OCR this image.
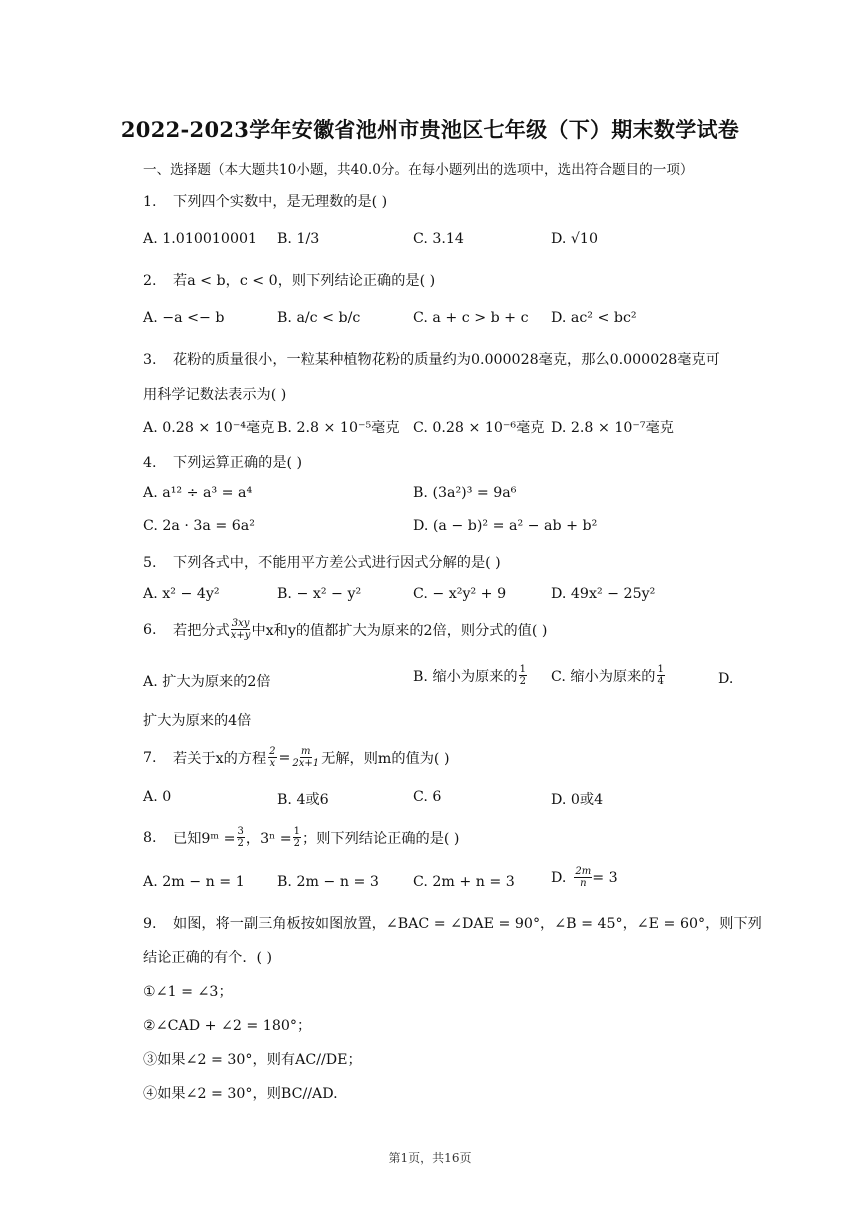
2022-2023学年安徽省池州市贵池区七年级（下）期末数学试卷
一、选择题（本大题共10小题，共40.0分。在每小题列出的选项中，选出符合题目的一项）
1. 下列四个实数中，是无理数的是( )
A. 1.010010001 B. 1/3	C. 3.14	D. √10
2. 若a < b，c < 0，则下列结论正确的是( )
A. −a <− b	B. a/c < b/c	C. a + c > b + c D. ac² < bc²
3. 花粉的质量很小，一粒某种植物花粉的质量约为0.000028毫克，那么0.000028毫克可
用科学记数法表示为( )
A. 0.28 × 10⁻⁴毫克 B. 2.8 × 10⁻⁵毫克 C. 0.28 × 10⁻⁶毫克 D. 2.8 × 10⁻⁷毫克
4. 下列运算正确的是( )
A. a¹² ÷ a³ = a⁴	B. (3a²)³ = 9a⁶
C. 2a · 3a = 6a²	D. (a − b)² = a² − ab + b²
5. 下列各式中，不能用平方差公式进行因式分解的是( )
A. x² − 4y²	B. − x² − y²	C. − x²y² + 9	D. 49x² − 25y²
6.	若把分式 $\frac{3xy}{x+y}$ 中x和y的值都扩大为原来的2倍，则分式的值( )
A. 扩大为原来的2倍	B. 缩小为原来的 $\frac{1}{2} C$. 缩小为原来的 $\frac{1}{4}$	D.
扩大为原来的4倍
7.	若关于x的方程 $\frac{2}{x} = \frac{m}{2x+1}$ 无解，则m的值为( )
A. 0	B. 4或6	C. 6	D. 0或4
8.	已知9ᵐ = $\frac{3}{2}$ ，$3^n = \frac{1}{2}$ ；则下列结论正确的是( )
A. 2m − n = 1 B. 2m − n = 3 C. 2m + n = 3	D. $\frac{2m}{n} = 3$
9. 如图，将一副三角板按如图放置，∠BAC = ∠DAE = 90°，∠B = 45°，∠E = 60°，则下列
结论正确的有个．( )
①∠1 = ∠3；
②∠CAD + ∠2 = 180°；
③如果∠2 = 30°，则有AC//DE；
④如果∠2 = 30°，则BC//AD.
第1页，共16页
